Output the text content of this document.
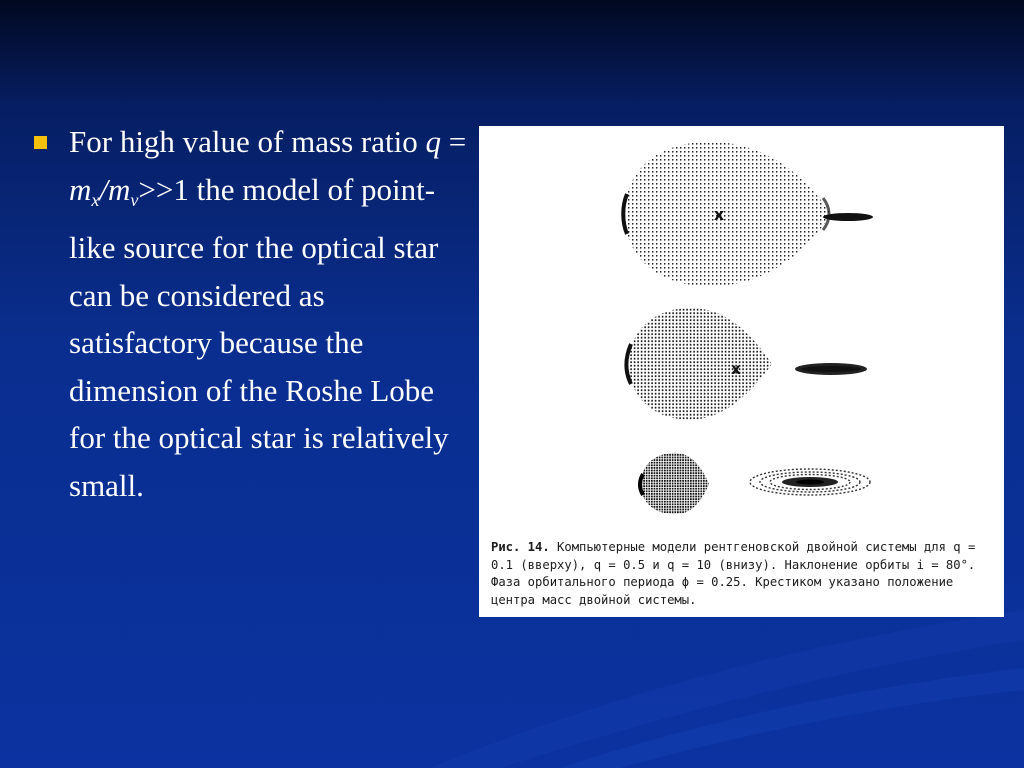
For high value of mass ratio $q = m_x/m_v>>1$ the model of point-like source for the optical star can be considered as satisfactory because the dimension of the Roshe Lobe for the optical star is relatively small.
x
x
Рис. 14. Компьютерные модели рентгеновской двойной системы для q = 0.1 (вверху), q = 0.5 и q = 10 (внизу). Наклонение орбиты i = 80°. Фаза орбитального периода ϕ = 0.25. Крестиком указано положение центра масс двойной системы.
